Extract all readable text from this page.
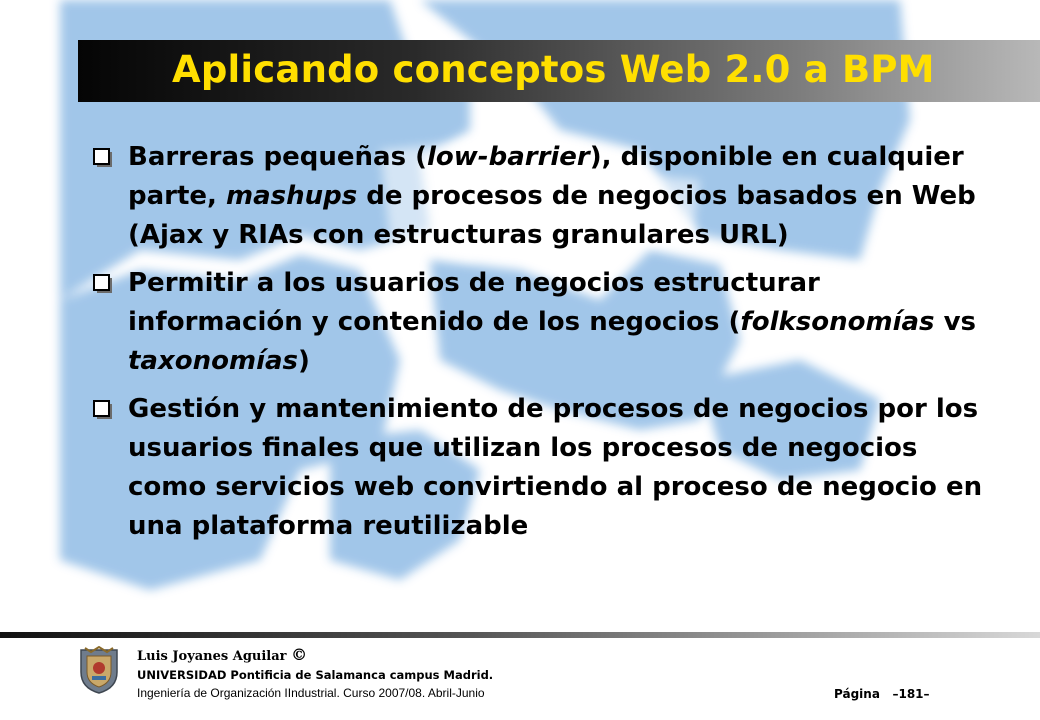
Aplicando conceptos Web 2.0 a BPM
Barreras pequeñas (low-barrier), disponible en cualquier parte, mashups de procesos de negocios basados en Web (Ajax y RIAs con estructuras granulares URL)
Permitir a los usuarios de negocios estructurar información y contenido de los negocios (folksonomías vs taxonomías)
Gestión y mantenimiento de procesos de negocios por los usuarios finales que utilizan los procesos de negocios como servicios web convirtiendo al proceso de negocio en una plataforma reutilizable
Luis Joyanes Aguilar ©
UNIVERSIDAD Pontificia de Salamanca campus Madrid.
Ingeniería de Organización IIndustrial. Curso 2007/08. Abril-Junio	Página –181–
